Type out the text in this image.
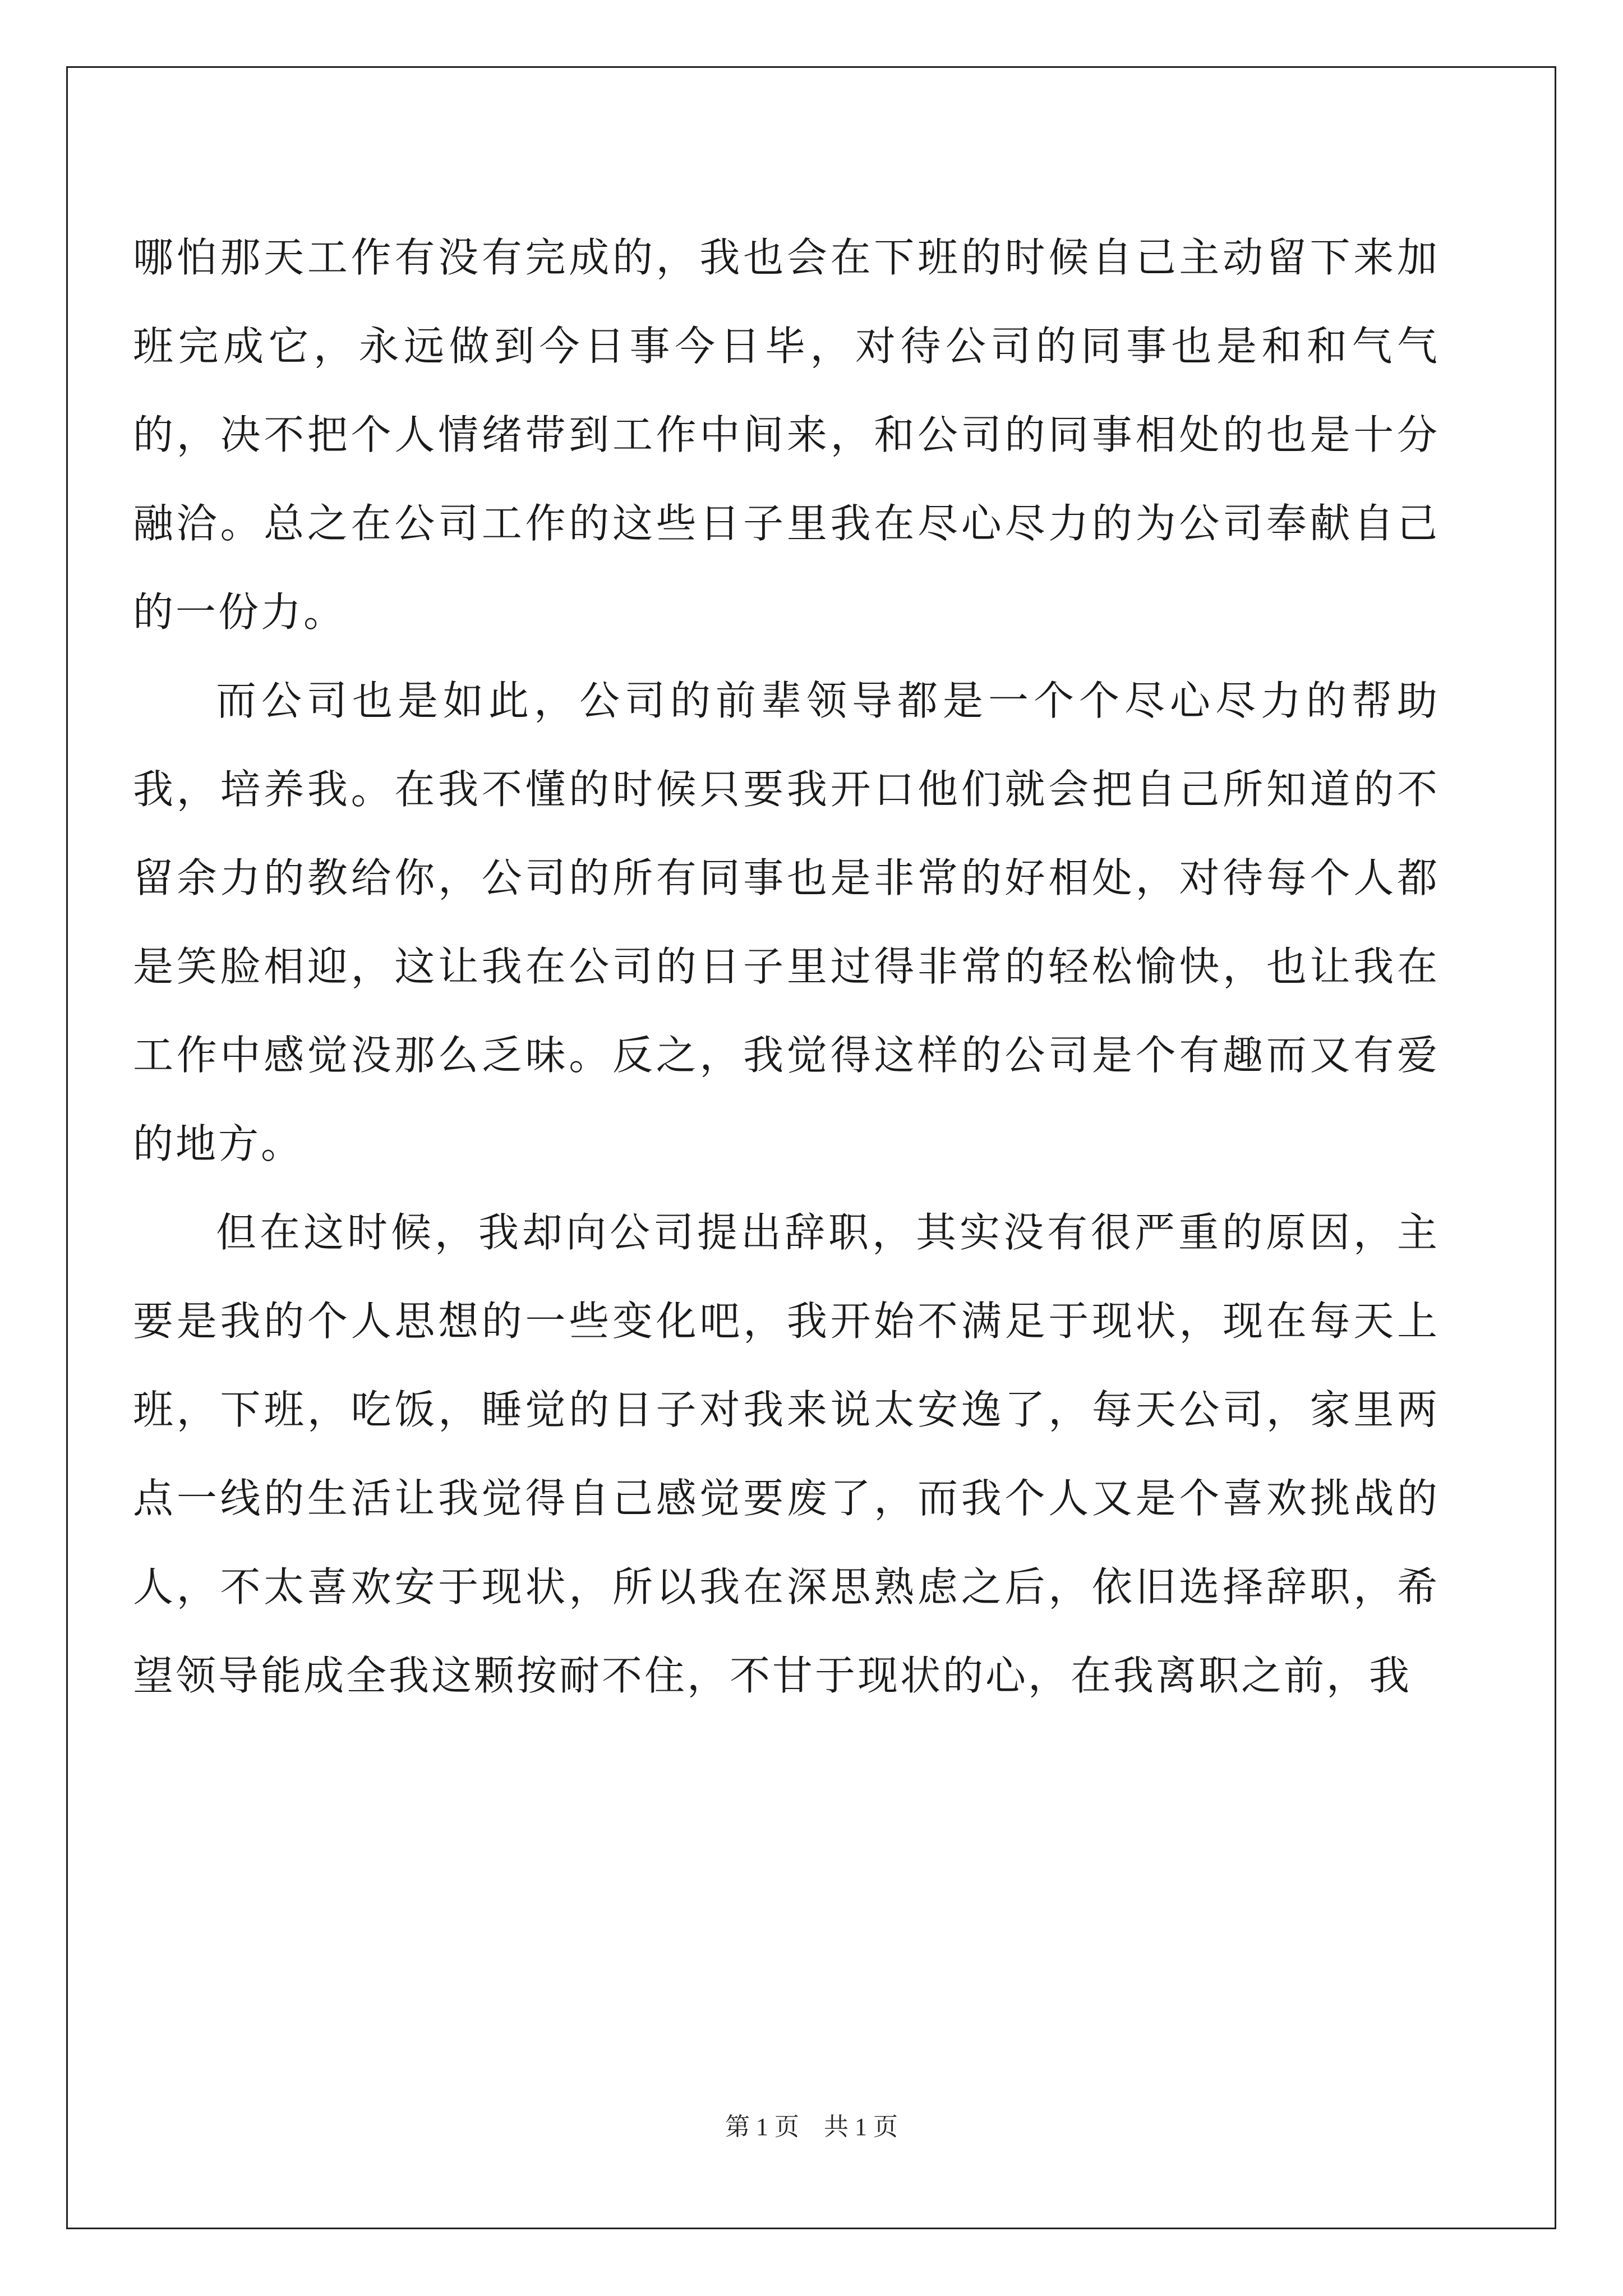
哪怕那天工作有没有完成的，我也会在下班的时候自己主动留下来加班完成它，永远做到今日事今日毕，对待公司的同事也是和和气气的，决不把个人情绪带到工作中间来，和公司的同事相处的也是十分融洽。总之在公司工作的这些日子里我在尽心尽力的为公司奉献自己的一份力。

而公司也是如此，公司的前辈领导都是一个个尽心尽力的帮助我，培养我。在我不懂的时候只要我开口他们就会把自己所知道的不留余力的教给你，公司的所有同事也是非常的好相处，对待每个人都是笑脸相迎，这让我在公司的日子里过得非常的轻松愉快，也让我在工作中感觉没那么乏味。反之，我觉得这样的公司是个有趣而又有爱的地方。

但在这时候，我却向公司提出辞职，其实没有很严重的原因，主要是我的个人思想的一些变化吧，我开始不满足于现状，现在每天上班，下班，吃饭，睡觉的日子对我来说太安逸了，每天公司，家里两点一线的生活让我觉得自己感觉要废了，而我个人又是个喜欢挑战的人，不太喜欢安于现状，所以我在深思熟虑之后，依旧选择辞职，希望领导能成全我这颗按耐不住，不甘于现状的心，在我离职之前，我

第 1 页    共 1 页
